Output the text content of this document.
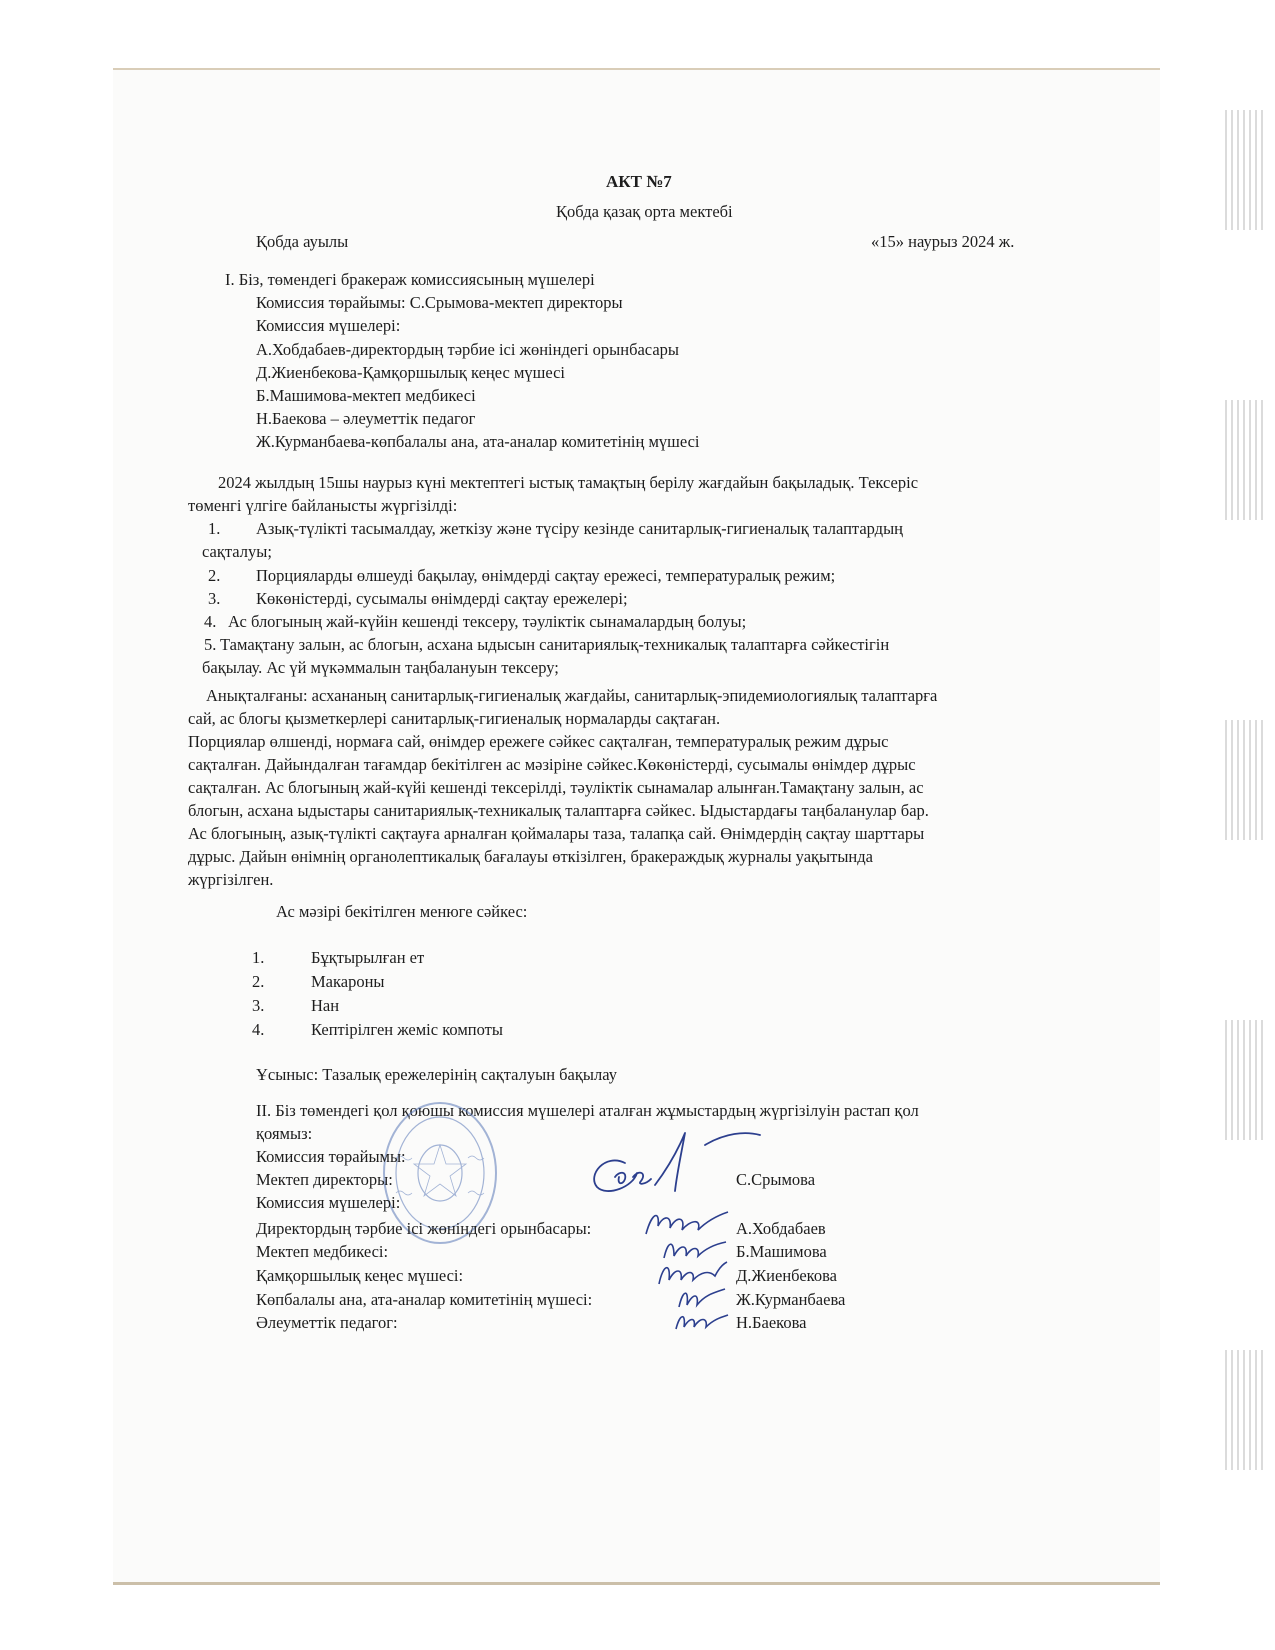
АКТ №7
Қобда қазақ орта мектебі
Қобда ауылы	«15» наурыз 2024 ж.
І. Біз, төмендегі бракераж комиссиясының мүшелері
Комиссия төрайымы: С.Срымова-мектеп директоры
Комиссия мүшелері:
А.Хобдабаев-директордың тәрбие ісі жөніндегі орынбасары
Д.Жиенбекова-Қамқоршылық кеңес мүшесі
Б.Машимова-мектеп медбикесі
Н.Баекова – әлеуметтік педагог
Ж.Курманбаева-көпбалалы ана, ата-аналар комитетінің мүшесі
2024 жылдың 15шы наурыз күні мектептегі ыстық тамақтың берілу жағдайын бақыладық. Тексеріс
төменгі үлгіге байланысты жүргізілді:
1. Азық-түлікті тасымалдау, жеткізу және түсіру кезінде санитарлық-гигиеналық талаптардың
сақталуы;
2. Порцияларды өлшеуді бақылау, өнімдерді сақтау ережесі, температуралық режим;
3. Көкөністерді, сусымалы өнімдерді сақтау ережелері;
4. Ас блогының жай-күйін кешенді тексеру, тәуліктік сынамалардың болуы;
5. Тамақтану залын, ас блогын, асхана ыдысын санитариялық-техникалық талаптарға сәйкестігін
бақылау. Ас үй мүкәммалын таңбалануын тексеру;
Анықталғаны: асхананың санитарлық-гигиеналық жағдайы, санитарлық-эпидемиологиялық талаптарға
сай, ас блогы қызметкерлері санитарлық-гигиеналық нормаларды сақтаған.
Порциялар өлшенді, нормаға сай, өнімдер ережеге сәйкес сақталған, температуралық режим дұрыс
сақталған. Дайындалған тағамдар бекітілген ас мәзіріне сәйкес.Көкөністерді, сусымалы өнімдер дұрыс
сақталған. Ас блогының жай-күйі кешенді тексерілді, тәуліктік сынамалар алынған.Тамақтану залын, ас
блогын, асхана ыдыстары санитариялық-техникалық талаптарға сәйкес. Ыдыстардағы таңбаланулар бар.
Ас блогының, азық-түлікті сақтауға арналған қоймалары таза, талапқа сай. Өнімдердің сақтау шарттары
дұрыс. Дайын өнімнің органолептикалық бағалауы өткізілген, бракераждық журналы уақытында
жүргізілген.
Ас мәзірі бекітілген менюге сәйкес:
1.	Бұқтырылған ет
2.	Макароны
3.	Нан
4.	Кептірілген жеміс компоты
Ұсыныс: Тазалық ережелерінің сақталуын бақылау
ІІ. Біз төмендегі қол қоюшы комиссия мүшелері аталған жұмыстардың жүргізілуін растап қол
қоямыз:
Комиссия төрайымы:
Мектеп директоры:	С.Срымова
Комиссия мүшелері:
Директордың тәрбие ісі жөніндегі орынбасары:	А.Хобдабаев
Мектеп медбикесі:	Б.Машимова
Қамқоршылық кеңес мүшесі:	Д.Жиенбекова
Көпбалалы ана, ата-аналар комитетінің мүшесі:	Ж.Курманбаева
Әлеуметтік педагог:	Н.Баекова
